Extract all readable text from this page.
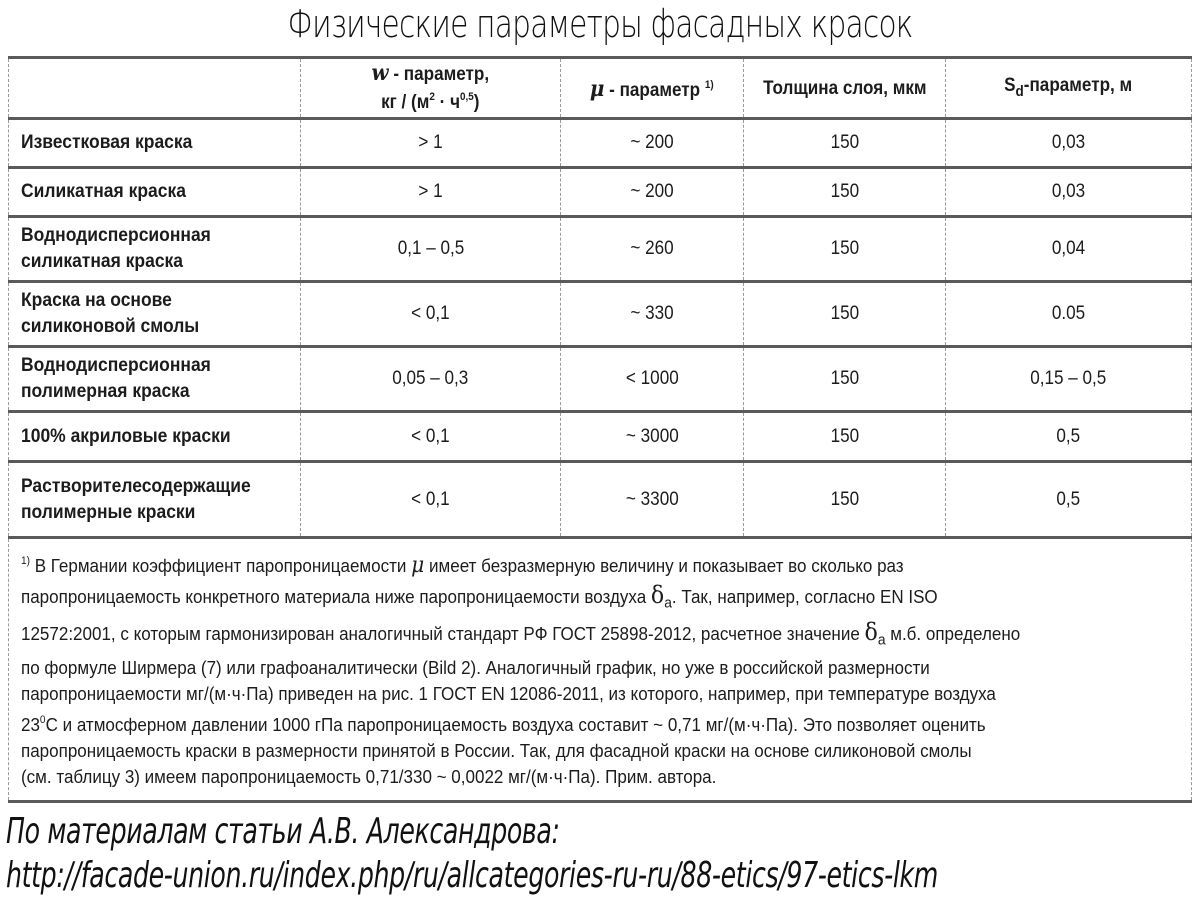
Физические параметры фасадных красок
	w - параметр,
кг / $(м^2 \cdot ч^{0,5})$	μ - параметр $^{1)}$	Толщина слоя, мкм	$S_d$-параметр, м
Известковая краска	> 1	~ 200	150	0,03
Силикатная краска	> 1	~ 200	150	0,03
Воднодисперсионная
силикатная краска	0,1 – 0,5	~ 260	150	0,04
Краска на основе
силиконовой смолы	< 0,1	~ 330	150	0.05
Воднодисперсионная
полимерная краска	0,05 – 0,3	< 1000	150	0,15 – 0,5
100% акриловые краски	< 0,1	~ 3000	150	0,5
Растворителесодержащие
полимерные краски	< 0,1	~ 3300	150	0,5

$^{1)}$ В Германии коэффициент паропроницаемости μ имеет безразмерную величину и показывает во сколько раз
паропроницаемость конкретного материала ниже паропроницаемости воздуха $\delta_a$. Так, например, согласно EN ISO
12572:2001, с которым гармонизирован аналогичный стандарт РФ ГОСТ 25898-2012, расчетное значение $\delta_a$ м.б. определено
по формуле Ширмера (7) или графоаналитически (Bild 2). Аналогичный график, но уже в российской размерности
паропроницаемости мг/(м·ч·Па) приведен на рис. 1 ГОСТ EN 12086-2011, из которого, например, при температуре воздуха
$23^0С$ и атмосферном давлении 1000 гПа паропроницаемость воздуха составит ~ 0,71 мг/(м·ч·Па). Это позволяет оценить
паропроницаемость краски в размерности принятой в России. Так, для фасадной краски на основе силиконовой смолы
(см. таблицу 3) имеем паропроницаемость 0,71/330 ~ 0,0022 мг/(м·ч·Па). Прим. автора.
По материалам статьи А.В. Александрова:
http://facade-union.ru/index.php/ru/allcategories-ru-ru/88-etics/97-etics-lkm
